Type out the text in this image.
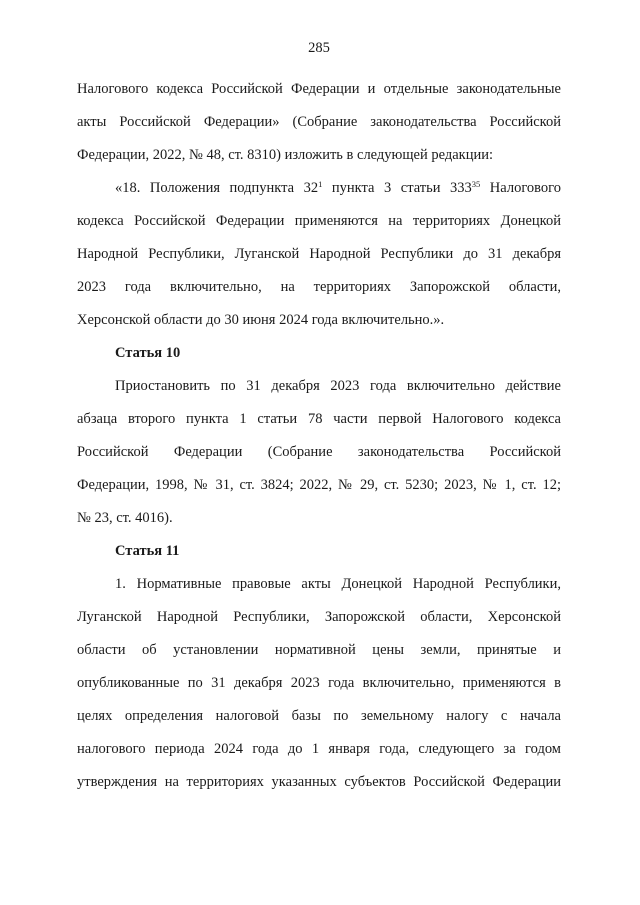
285

Налогового кодекса Российской Федерации и отдельные законодательные
акты Российской Федерации» (Собрание законодательства Российской
Федерации, 2022, № 48, ст. 8310) изложить в следующей редакции:

«18. Положения подпункта $32^1$ пункта 3 статьи $333^{35}$ Налогового
кодекса Российской Федерации применяются на территориях Донецкой
Народной Республики, Луганской Народной Республики до 31 декабря
2023 года включительно, на территориях Запорожской области,
Херсонской области до 30 июня 2024 года включительно.».

Статья 10

Приостановить по 31 декабря 2023 года включительно действие
абзаца второго пункта 1 статьи 78 части первой Налогового кодекса
Российской Федерации (Собрание законодательства Российской
Федерации, 1998, № 31, ст. 3824; 2022, № 29, ст. 5230; 2023, № 1, ст. 12;
№ 23, ст. 4016).

Статья 11

1. Нормативные правовые акты Донецкой Народной Республики,
Луганской Народной Республики, Запорожской области, Херсонской
области об установлении нормативной цены земли, принятые и
опубликованные по 31 декабря 2023 года включительно, применяются в
целях определения налоговой базы по земельному налогу с начала
налогового периода 2024 года до 1 января года, следующего за годом
утверждения на территориях указанных субъектов Российской Федерации
